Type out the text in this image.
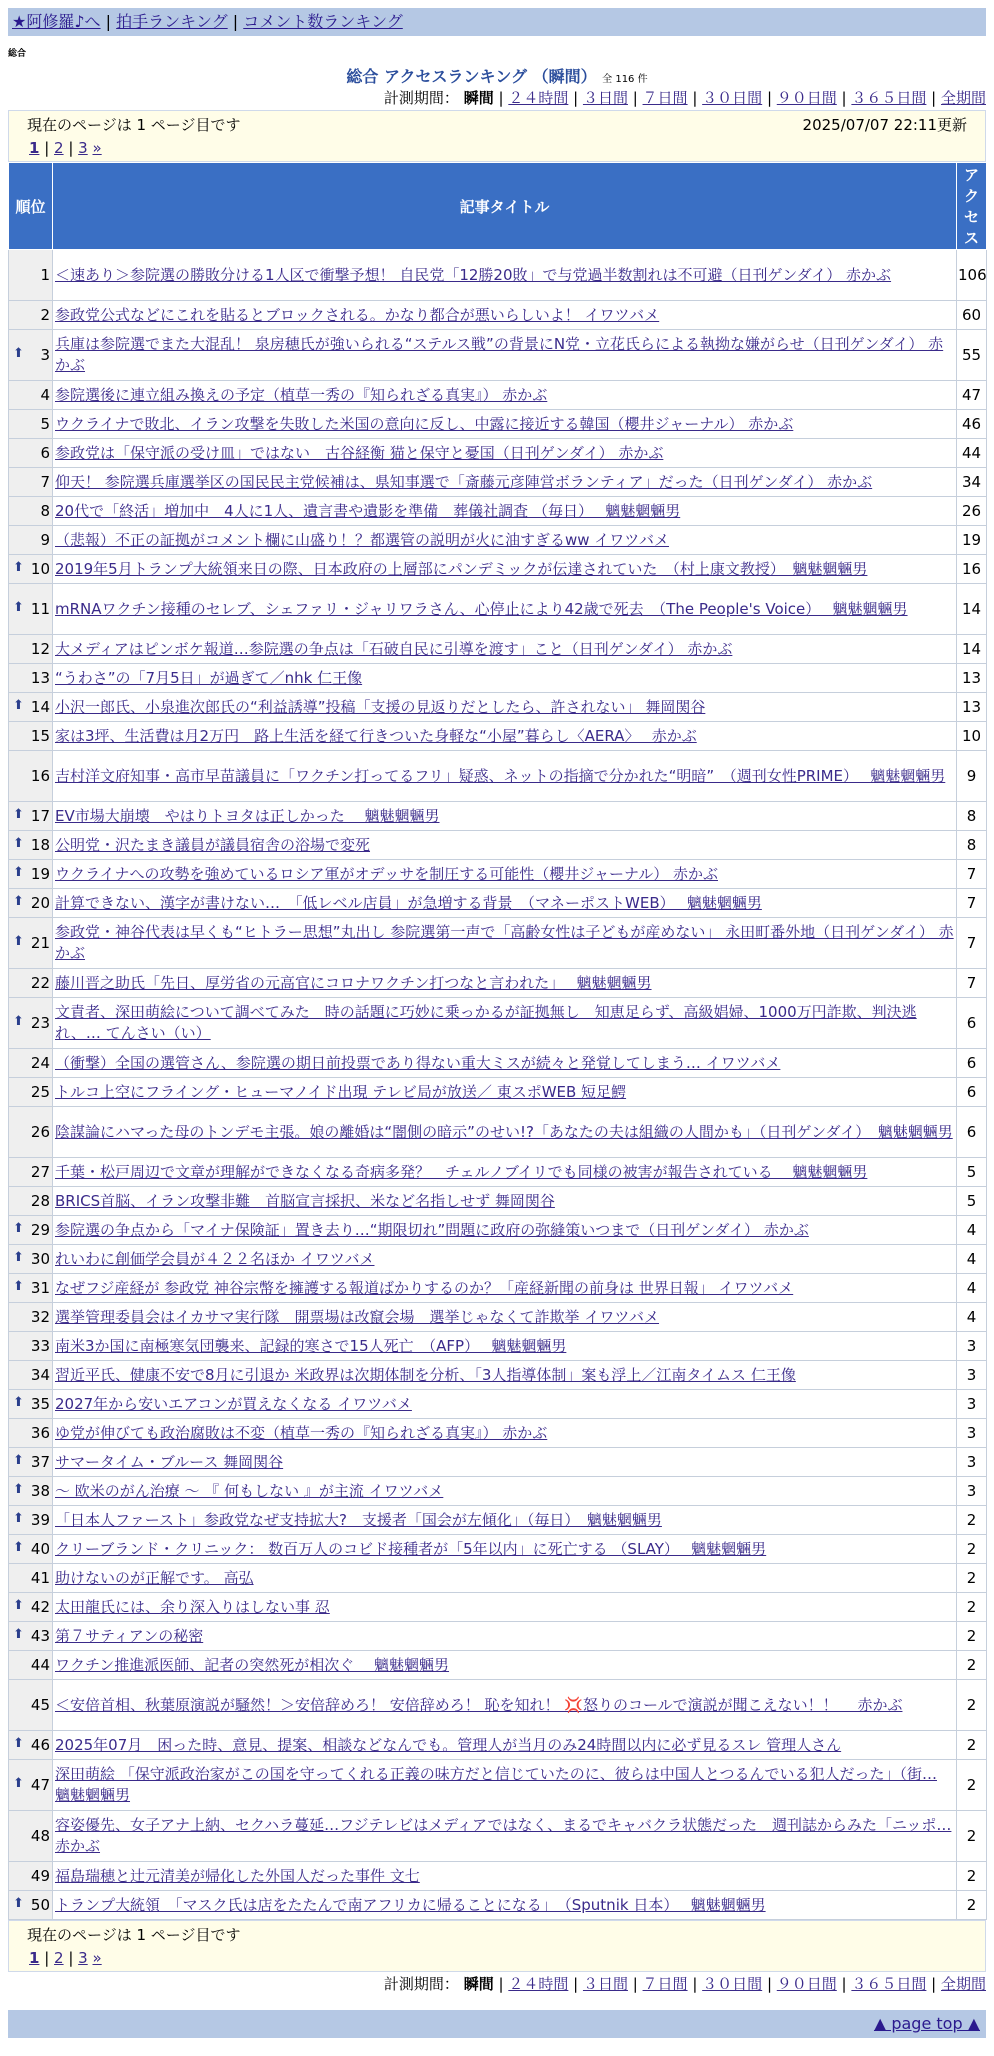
★阿修羅♪へ | 拍手ランキング | コメント数ランキング
総合
総合 アクセスランキング （瞬間） 全 116 件
計測期間： 瞬間 | ２４時間 | ３日間 | ７日間 | ３０日間 | ９０日間 | ３６５日間 | 全期間
現在のページは 1 ページ目です	2025/07/07 22:11更新
1 | 2 | 3 »
順位	記事タイトル	アクセス
1	＜速あり＞参院選の勝敗分ける1人区で衝撃予想！ 自民党「12勝20敗」で与党過半数割れは不可避（日刊ゲンダイ） 赤かぶ	106
2	参政党公式などにこれを貼るとブロックされる。かなり都合が悪いらしいよ！ イワツバメ	60

⬆ 3	兵庫は参院選でまた大混乱！ 泉房穂氏が強いられる“ステルス戦”の背景にN党・立花氏らによる執拗な嫌がらせ（日刊ゲンダイ） 赤かぶ	55
4	参院選後に連立組み換えの予定（植草一秀の『知られざる真実』） 赤かぶ	47
5	ウクライナで敗北、イラン攻撃を失敗した米国の意向に反し、中露に接近する韓国（櫻井ジャーナル） 赤かぶ	46
6	参政党は「保守派の受け皿」ではない　古谷経衡 猫と保守と憂国（日刊ゲンダイ） 赤かぶ	44
7	仰天！ 参院選兵庫選挙区の国民民主党候補は、県知事選で「斎藤元彦陣営ボランティア」だった（日刊ゲンダイ） 赤かぶ	34
8	20代で「終活」増加中　4人に1人、遺言書や遺影を準備　葬儀社調査 （毎日）　 魑魅魍魎男	26
9	（悲報）不正の証拠がコメント欄に山盛り！？都選管の説明が火に油すぎるww イワツバメ	19

⬆ 10	2019年5月トランプ大統領来日の際、日本政府の上層部にパンデミックが伝達されていた　（村上康文教授）　魑魅魍魎男	16

⬆ 11	mRNAワクチン接種のセレブ、シェファリ・ジャリワラさん、心停止により42歳で死去　（The People's Voice）　 魑魅魍魎男	14
12	大メディアはピンボケ報道…参院選の争点は「石破自民に引導を渡す」こと（日刊ゲンダイ） 赤かぶ	14
13	“うわさ”の「7月5日」が過ぎて／nhk 仁王像	13

⬆ 14	小沢一郎氏、小泉進次郎氏の“利益誘導”投稿「支援の見返りだとしたら、許されない」 舞岡関谷	13
15	家は3坪、生活費は月2万円　路上生活を経て行きついた身軽な“小屋”暮らし〈AERA〉　 赤かぶ	10
16	吉村洋文府知事・高市早苗議員に「ワクチン打ってるフリ」疑惑、ネットの指摘で分かれた“明暗”　（週刊女性PRIME）　 魑魅魍魎男	9

⬆ 17	EV市場大崩壊　やはりトヨタは正しかった　 魑魅魍魎男	8

⬆ 18	公明党・沢たまき議員が議員宿舎の浴場で変死	8

⬆ 19	ウクライナへの攻勢を強めているロシア軍がオデッサを制圧する可能性（櫻井ジャーナル） 赤かぶ	7

⬆ 20	計算できない、漢字が書けない…　「低レベル店員」が急増する背景　（マネーポストWEB）　 魑魅魍魎男	7

⬆ 21	参政党・神谷代表は早くも“ヒトラー思想”丸出し 参院選第一声で「高齢女性は子どもが産めない」 永田町番外地（日刊ゲンダイ） 赤かぶ	7
22	藤川晋之助氏「先日、厚労省の元高官にコロナワクチン打つなと言われた」　 魑魅魍魎男	7

⬆ 23	文責者、深田萌絵について調べてみた　時の話題に巧妙に乗っかるが証拠無し　知恵足らず、高級娼婦、1000万円詐欺、判決逃れ、… てんさい（い）	6
24	（衝撃）全国の選管さん、参院選の期日前投票であり得ない重大ミスが続々と発覚してしまう… イワツバメ	6
25	トルコ上空にフライング・ヒューマノイド出現 テレビ局が放送／ 東スポWEB 短足鰐	6
26	陰謀論にハマった母のトンデモ主張。娘の離婚は“闇側の暗示”のせい!?「あなたの夫は組織の人間かも」（日刊ゲンダイ）　魑魅魍魎男	6
27	千葉・松戸周辺で文章が理解ができなくなる奇病多発？　チェルノブイリでも同様の被害が報告されている　 魑魅魍魎男	5
28	BRICS首脳、イラン攻撃非難　首脳宣言採択、米など名指しせず 舞岡関谷	5

⬆ 29	参院選の争点から「マイナ保険証」置き去り…“期限切れ”問題に政府の弥縫策いつまで（日刊ゲンダイ） 赤かぶ	4

⬆ 30	れいわに創価学会員が４２２名ほか イワツバメ	4

⬆ 31	なぜフジ産経が 参政党 神谷宗幣を擁護する報道ばかりするのか？「産経新聞の前身は 世界日報」 イワツバメ	4
32	選挙管理委員会はイカサマ実行隊　開票場は改竄会場　選挙じゃなくて詐欺挙 イワツバメ	4
33	南米3か国に南極寒気団襲来、記録的寒さで15人死亡　（AFP）　 魑魅魍魎男	3
34	習近平氏、健康不安で8月に引退か 米政界は次期体制を分析、「3人指導体制」案も浮上／江南タイムス 仁王像	3

⬆ 35	2027年から安いエアコンが買えなくなる イワツバメ	3
36	ゆ党が伸びても政治腐敗は不変（植草一秀の『知られざる真実』） 赤かぶ	3

⬆ 37	サマータイム・ブルース 舞岡関谷	3

⬆ 38	～ 欧米のがん治療 ～ 『 何もしない 』が主流 イワツバメ	3

⬆ 39	「日本人ファースト」参政党なぜ支持拡大?　支援者「国会が左傾化」（毎日）　魑魅魍魎男	2

⬆ 40	クリーブランド・クリニック： 数百万人のコビド接種者が「5年以内」に死亡する （SLAY）　 魑魅魍魎男	2
41	助けないのが正解です。 高弘	2

⬆ 42	太田龍氏には、余り深入りはしない事 忍	2

⬆ 43	第７サティアンの秘密	2
44	ワクチン推進派医師、記者の突然死が相次ぐ　 魑魅魍魎男	2
45	＜安倍首相、秋葉原演説が騒然！＞安倍辞めろ！ 安倍辞めろ！ 恥を知れ！ 💢怒りのコールで演説が聞こえない！！　 赤かぶ	2

⬆ 46	2025年07月　困った時、意見、提案、相談などなんでも。管理人が当月のみ24時間以内に必ず見るスレ 管理人さん	2

⬆ 47	深田萌絵 「保守派政治家がこの国を守ってくれる正義の味方だと信じていたのに、彼らは中国人とつるんでいる犯人だった」（街… 魑魅魍魎男	2
48	容姿優先、女子アナ上納、セクハラ蔓延…フジテレビはメディアではなく、まるでキャバクラ状態だった　週刊誌からみた「ニッポ… 赤かぶ	2
49	福島瑞穂と辻元清美が帰化した外国人だった事件 文七	2

⬆ 50	トランプ大統領　「マスク氏は店をたたんで南アフリカに帰ることになる」　（Sputnik 日本）　 魑魅魍魎男	2
現在のページは 1 ページ目です
1 | 2 | 3 »
計測期間： 瞬間 | ２４時間 | ３日間 | ７日間 | ３０日間 | ９０日間 | ３６５日間 | 全期間
▲ page top ▲
